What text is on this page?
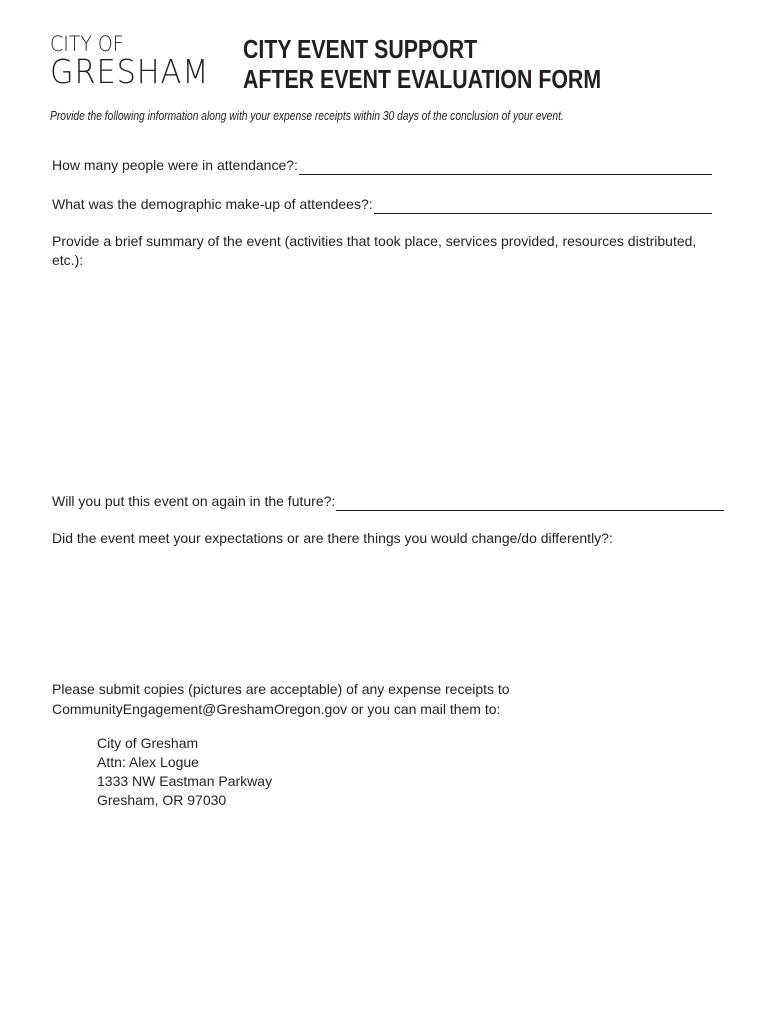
CITY OF
GRESHAM
CITY EVENT SUPPORT
AFTER EVENT EVALUATION FORM
Provide the following information along with your expense receipts within 30 days of the conclusion of your event.
How many people were in attendance?:
What was the demographic make-up of attendees?:
Provide a brief summary of the event (activities that took place, services provided, resources distributed, etc.):
Will you put this event on again in the future?:
Did the event meet your expectations or are there things you would change/do differently?:
Please submit copies (pictures are acceptable) of any expense receipts to
CommunityEngagement@GreshamOregon.gov or you can mail them to:
City of Gresham
Attn: Alex Logue
1333 NW Eastman Parkway
Gresham, OR 97030
